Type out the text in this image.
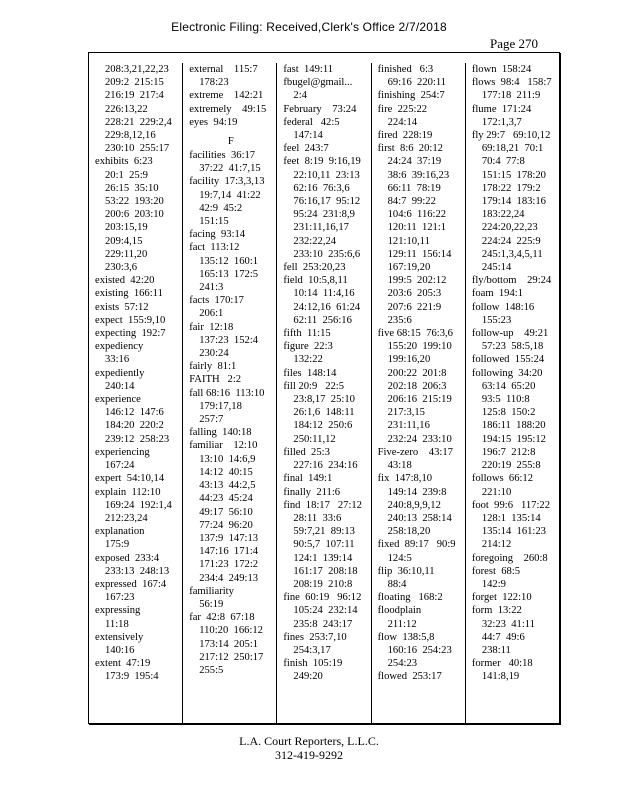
Electronic Filing: Received,Clerk's Office 2/7/2018
Page 270
208:3,21,22,23
209:2  215:15
216:19  217:4
226:13,22
228:21  229:2,4
229:8,12,16
230:10  255:17
exhibits  6:23
20:1  25:9
26:15  35:10
53:22  193:20
200:6  203:10
203:15,19
209:4,15
229:11,20
230:3,6
existed  42:20
existing  166:11
exists  57:12
expect  155:9,10
expecting  192:7
expediency
33:16
expediently
240:14
experience
146:12  147:6
184:20  220:2
239:12  258:23
experiencing
167:24
expert  54:10,14
explain  112:10
169:24  192:1,4
212:23,24
explanation
175:9
exposed  233:4
233:13  248:13
expressed  167:4
167:23
expressing
11:18
extensively
140:16
extent  47:19
173:9  195:4
external    115:7
178:23
extreme    142:21
extremely    49:15
eyes  94:19
F
facilities  36:17
37:22  41:7,15
facility  17:3,3,13
19:7,14  41:22
42:9  45:2
151:15
facing  93:14
fact  113:12
135:12  160:1
165:13  172:5
241:3
facts  170:17
206:1
fair  12:18
137:23  152:4
230:24
fairly  81:1
FAITH   2:2
fall 68:16  113:10
179:17,18
257:7
falling  140:18
familiar    12:10
13:10  14:6,9
14:12  40:15
43:13  44:2,5
44:23  45:24
49:17  56:10
77:24  96:20
137:9  147:13
147:16  171:4
171:23  172:2
234:4  249:13
familiarity
56:19
far  42:8  67:18
110:20  166:12
173:14  205:1
217:12  250:17
255:5
fast  149:11
fbugel@gmail...
2:4
February    73:24
federal   42:5
147:14
feel  243:7
feet  8:19  9:16,19
22:10,11  23:13
62:16  76:3,6
76:16,17  95:12
95:24  231:8,9
231:11,16,17
232:22,24
233:10  235:6,6
fell  253:20,23
field  10:5,8,11
10:14  11:4,16
24:12,16  61:24
62:11  256:16
fifth  11:15
figure  22:3
132:22
files  148:14
fill 20:9   22:5
23:8,17  25:10
26:1,6  148:11
184:12  250:6
250:11,12
filled  25:3
227:16  234:16
final  149:1
finally  211:6
find  18:17   27:12
28:11  33:6
59:7,21  89:13
90:5,7  107:11
124:1  139:14
161:17  208:18
208:19  210:8
fine  60:19   96:12
105:24  232:14
235:8  243:17
fines  253:7,10
254:3,17
finish  105:19
249:20
finished   6:3
69:16  220:11
finishing  254:7
fire  225:22
224:14
fired  228:19
first  8:6  20:12
24:24  37:19
38:6  39:16,23
66:11  78:19
84:7  99:22
104:6  116:22
120:11  121:1
121:10,11
129:11  156:14
167:19,20
199:5  202:12
203:6  205:3
207:6  221:9
235:6
five 68:15  76:3,6
155:20  199:10
199:16,20
200:22  201:8
202:18  206:3
206:16  215:19
217:3,15
231:11,16
232:24  233:10
Five-zero    43:17
43:18
fix  147:8,10
149:14  239:8
240:8,9,9,12
240:13  258:14
258:18,20
fixed  89:17   90:9
124:5
flip  36:10,11
88:4
floating   168:2
floodplain
211:12
flow  138:5,8
160:16  254:23
254:23
flowed  253:17
flown  158:24
flows  98:4   158:7
177:18  211:9
flume  171:24
172:1,3,7
fly 29:7   69:10,12
69:18,21  70:1
70:4  77:8
151:15  178:20
178:22  179:2
179:14  183:16
183:22,24
224:20,22,23
224:24  225:9
245:1,3,4,5,11
245:14
fly/bottom    29:24
foam  194:1
follow  148:16
155:23
follow-up    49:21
57:23  58:5,18
followed  155:24
following  34:20
63:14  65:20
93:5  110:8
125:8  150:2
186:11  188:20
194:15  195:12
196:7  212:8
220:19  255:8
follows  66:12
221:10
foot  99:6   117:22
128:1  135:14
135:14  161:23
214:12
foregoing    260:8
forest  68:5
142:9
forget  122:10
form  13:22
32:23  41:11
44:7  49:6
238:11
former   40:18
141:8,19
L.A. Court Reporters, L.L.C.
312-419-9292
